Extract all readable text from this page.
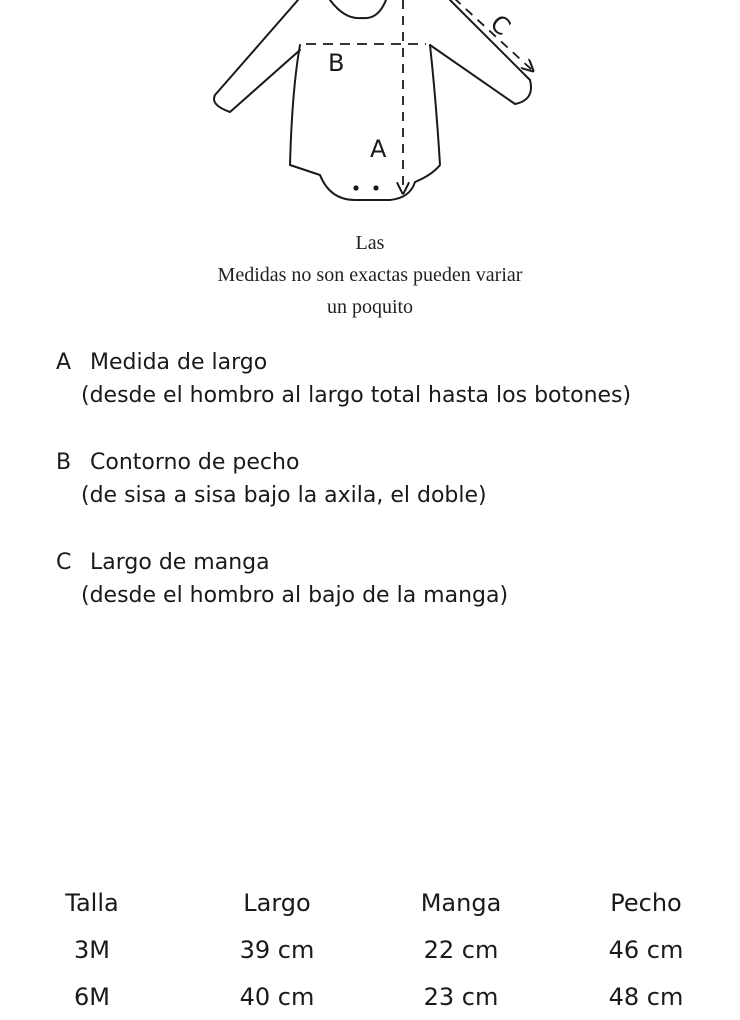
A
B
C
Las
Medidas no son exactas pueden variar
un poquito
A Medida de largo
(desde el hombro al largo total hasta los botones)
B Contorno de pecho
(de sisa a sisa bajo la axila, el doble)
C Largo de manga
(desde el hombro al bajo de la manga)
Talla	Largo	Manga	Pecho
3M	39 cm	22 cm	46 cm
6M	40 cm	23 cm	48 cm
